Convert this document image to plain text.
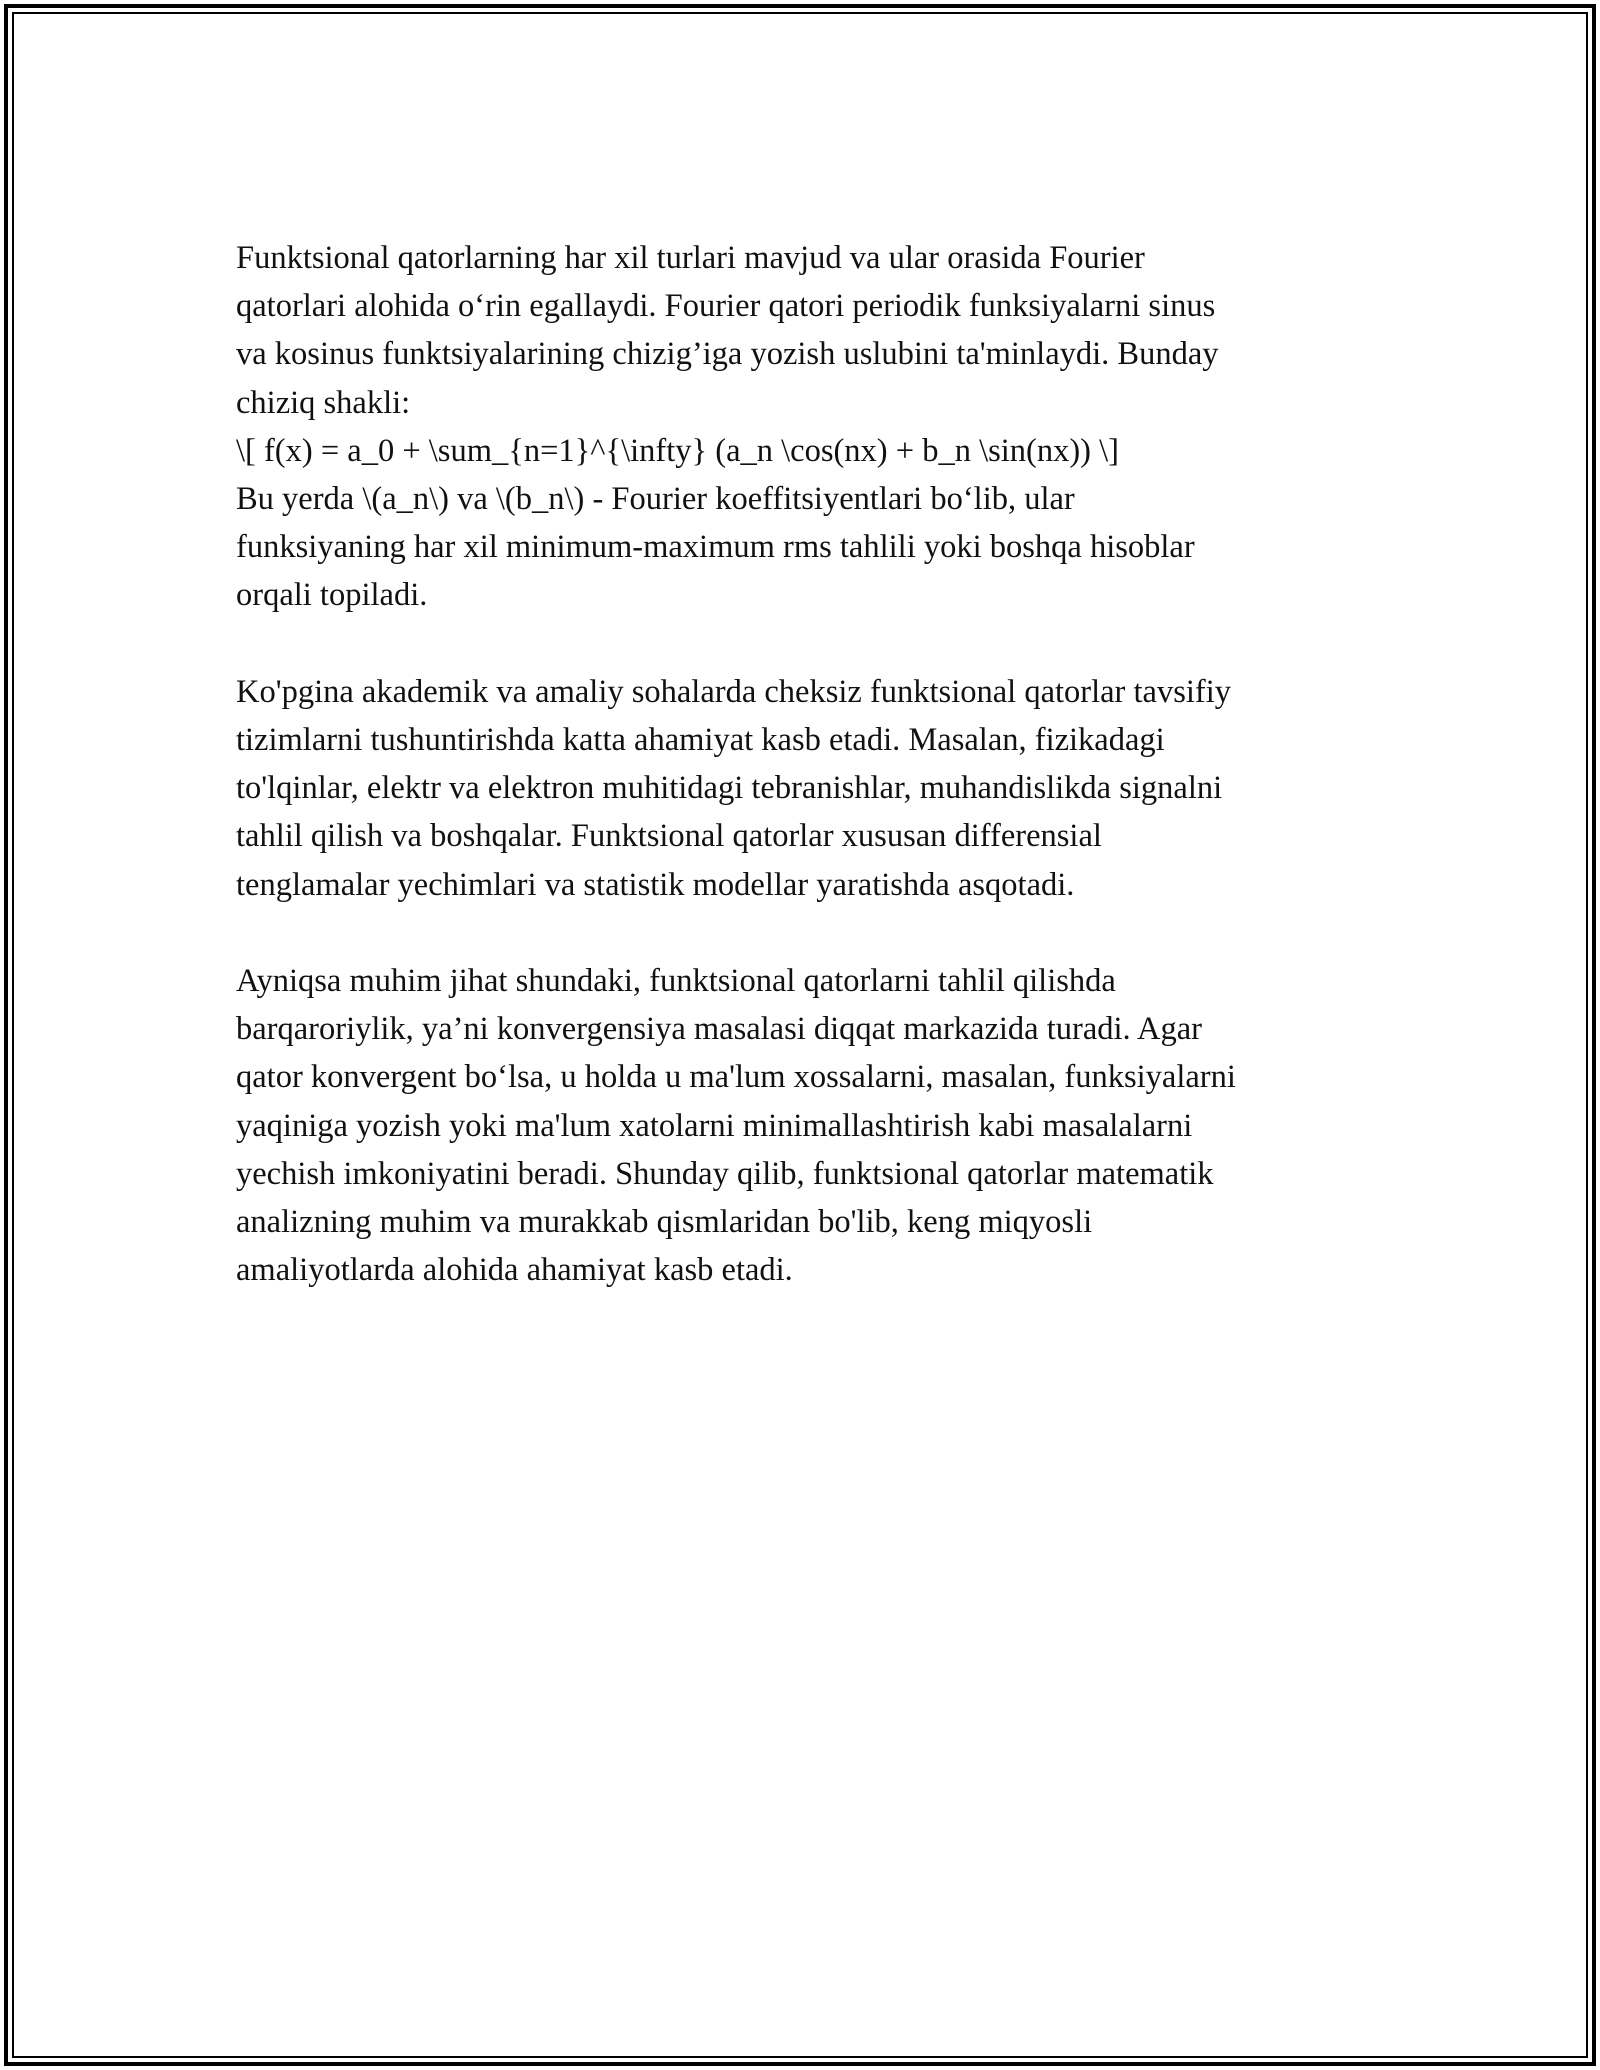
Funktsional qatorlarning har xil turlari mavjud va ular orasida Fourier
qatorlari alohida o‘rin egallaydi. Fourier qatori periodik funksiyalarni sinus
va kosinus funktsiyalarining chizig’iga yozish uslubini ta'minlaydi. Bunday
chiziq shakli:
\[ f(x) = a_0 + \sum_{n=1}^{\infty} (a_n \cos(nx) + b_n \sin(nx)) \]
Bu yerda \(a_n\) va \(b_n\) - Fourier koeffitsiyentlari bo‘lib, ular
funksiyaning har xil minimum-maximum rms tahlili yoki boshqa hisoblar
orqali topiladi.

Ko'pgina akademik va amaliy sohalarda cheksiz funktsional qatorlar tavsifiy
tizimlarni tushuntirishda katta ahamiyat kasb etadi. Masalan, fizikadagi
to'lqinlar, elektr va elektron muhitidagi tebranishlar, muhandislikda signalni
tahlil qilish va boshqalar. Funktsional qatorlar xususan differensial
tenglamalar yechimlari va statistik modellar yaratishda asqotadi.

Ayniqsa muhim jihat shundaki, funktsional qatorlarni tahlil qilishda
barqaroriylik, ya’ni konvergensiya masalasi diqqat markazida turadi. Agar
qator konvergent bo‘lsa, u holda u ma'lum xossalarni, masalan, funksiyalarni
yaqiniga yozish yoki ma'lum xatolarni minimallashtirish kabi masalalarni
yechish imkoniyatini beradi. Shunday qilib, funktsional qatorlar matematik
analizning muhim va murakkab qismlaridan bo'lib, keng miqyosli
amaliyotlarda alohida ahamiyat kasb etadi.
